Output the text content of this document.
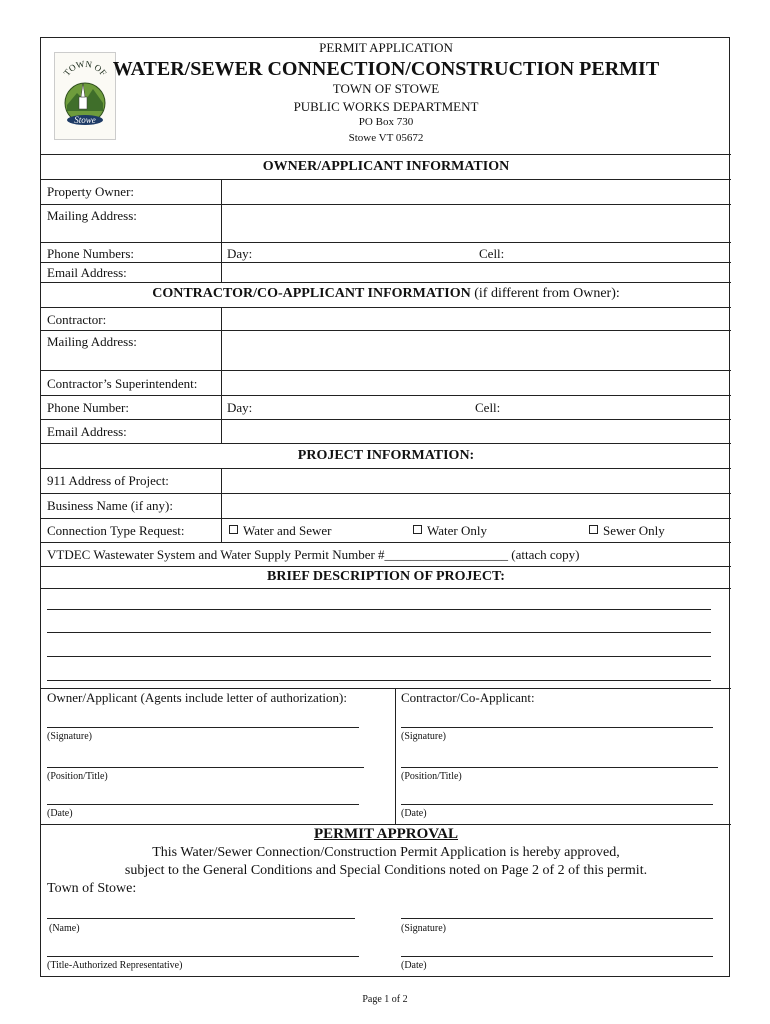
TOWN OF
Stowe
PERMIT APPLICATION
WATER/SEWER CONNECTION/CONSTRUCTION PERMIT
TOWN OF STOWE
PUBLIC WORKS DEPARTMENT
PO Box 730
Stowe VT 05672
OWNER/APPLICANT INFORMATION
Property Owner:
Mailing Address:
Phone Numbers:	Day:	Cell:
Email Address:
CONTRACTOR/CO-APPLICANT INFORMATION (if different from Owner):
Contractor:
Mailing Address:
Contractor’s Superintendent:
Phone Number:	Day:	Cell:
Email Address:
PROJECT INFORMATION:
911 Address of Project:
Business Name (if any):
Connection Type Request:	Water and Sewer	Water Only	Sewer Only
VTDEC Wastewater System and Water Supply Permit Number #___________________ (attach copy)
BRIEF DESCRIPTION OF PROJECT:
Owner/Applicant (Agents include letter of authorization):	Contractor/Co-Applicant:
(Signature)	(Signature)
(Position/Title)	(Position/Title)
(Date)	(Date)
PERMIT APPROVAL
This Water/Sewer Connection/Construction Permit Application is hereby approved,
subject to the General Conditions and Special Conditions noted on Page 2 of 2 of this permit.
Town of Stowe:
(Name)	(Signature)
(Title-Authorized Representative)	(Date)
Page 1 of 2
